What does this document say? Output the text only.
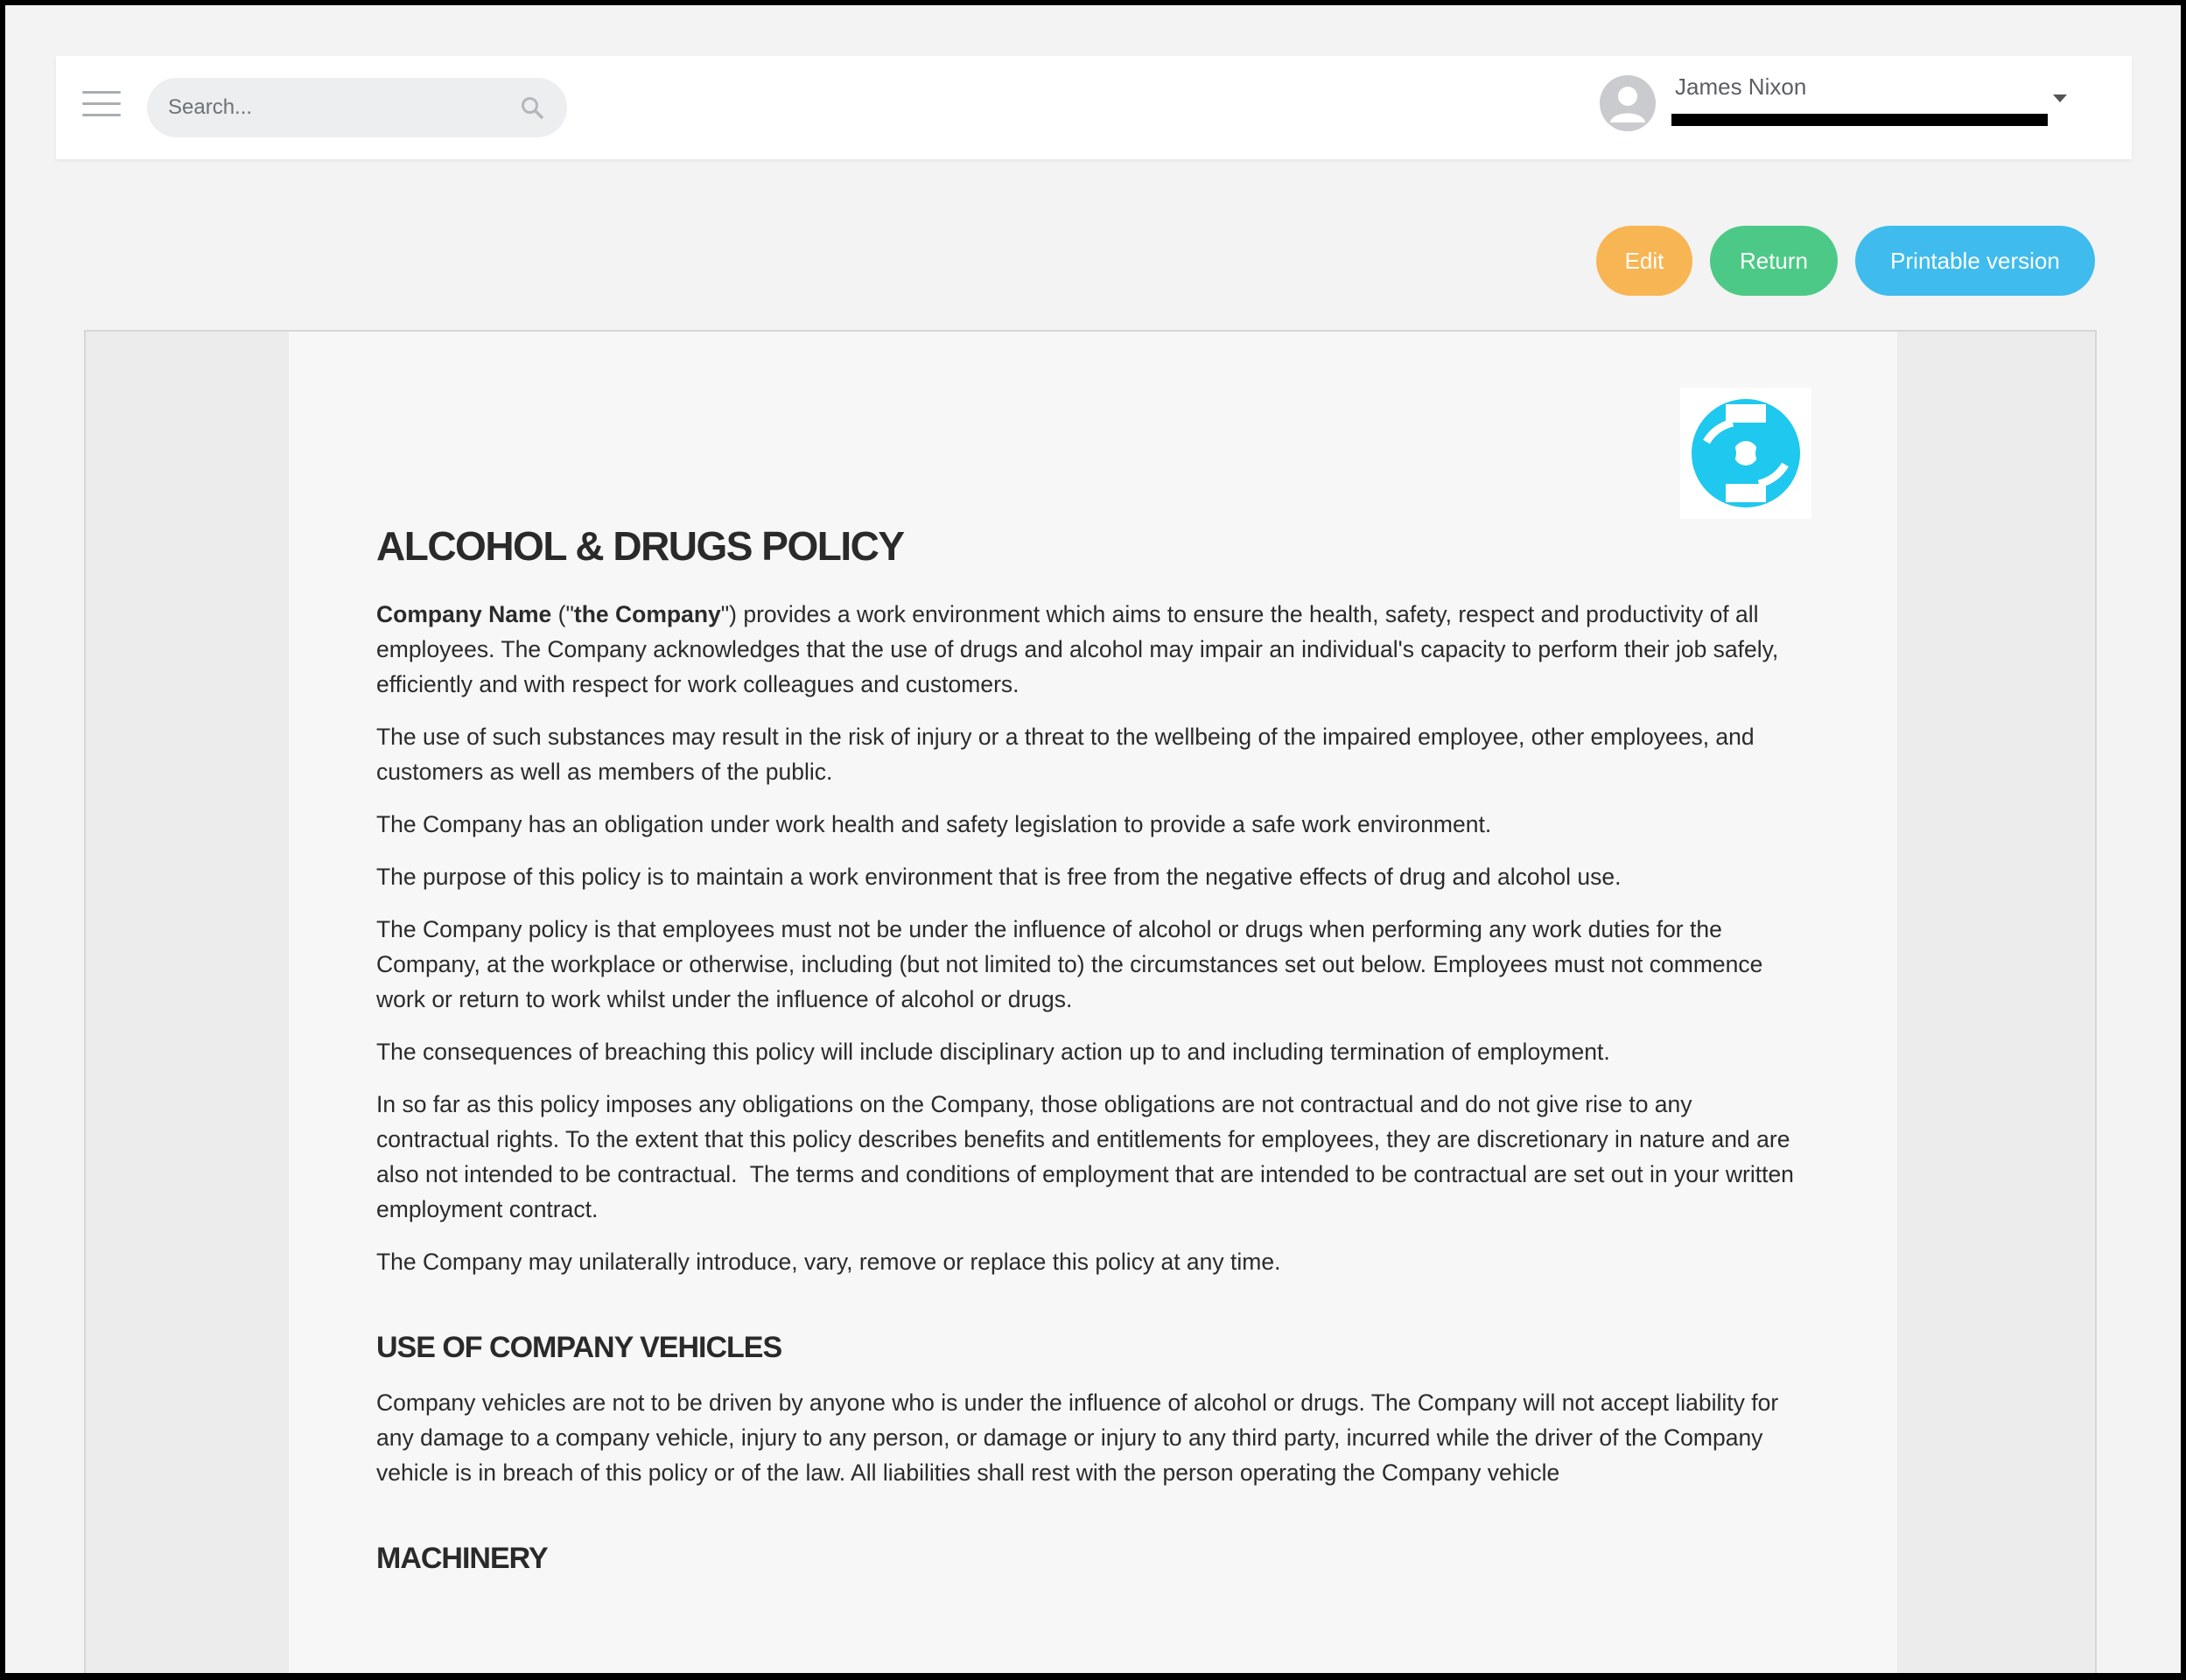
Search...
James Nixon
Edit	Return	Printable version
ALCOHOL & DRUGS POLICY

Company Name ("the Company") provides a work environment which aims to ensure the health, safety, respect and productivity of all employees. The Company acknowledges that the use of drugs and alcohol may impair an individual's capacity to perform their job safely, efficiently and with respect for work colleagues and customers.

The use of such substances may result in the risk of injury or a threat to the wellbeing of the impaired employee, other employees, and customers as well as members of the public.

The Company has an obligation under work health and safety legislation to provide a safe work environment.

The purpose of this policy is to maintain a work environment that is free from the negative effects of drug and alcohol use.

The Company policy is that employees must not be under the influence of alcohol or drugs when performing any work duties for the Company, at the workplace or otherwise, including (but not limited to) the circumstances set out below. Employees must not commence work or return to work whilst under the influence of alcohol or drugs.

The consequences of breaching this policy will include disciplinary action up to and including termination of employment.

In so far as this policy imposes any obligations on the Company, those obligations are not contractual and do not give rise to any contractual rights. To the extent that this policy describes benefits and entitlements for employees, they are discretionary in nature and are also not intended to be contractual.  The terms and conditions of employment that are intended to be contractual are set out in your written employment contract.

The Company may unilaterally introduce, vary, remove or replace this policy at any time.

USE OF COMPANY VEHICLES

Company vehicles are not to be driven by anyone who is under the influence of alcohol or drugs. The Company will not accept liability for any damage to a company vehicle, injury to any person, or damage or injury to any third party, incurred while the driver of the Company vehicle is in breach of this policy or of the law. All liabilities shall rest with the person operating the Company vehicle

MACHINERY
